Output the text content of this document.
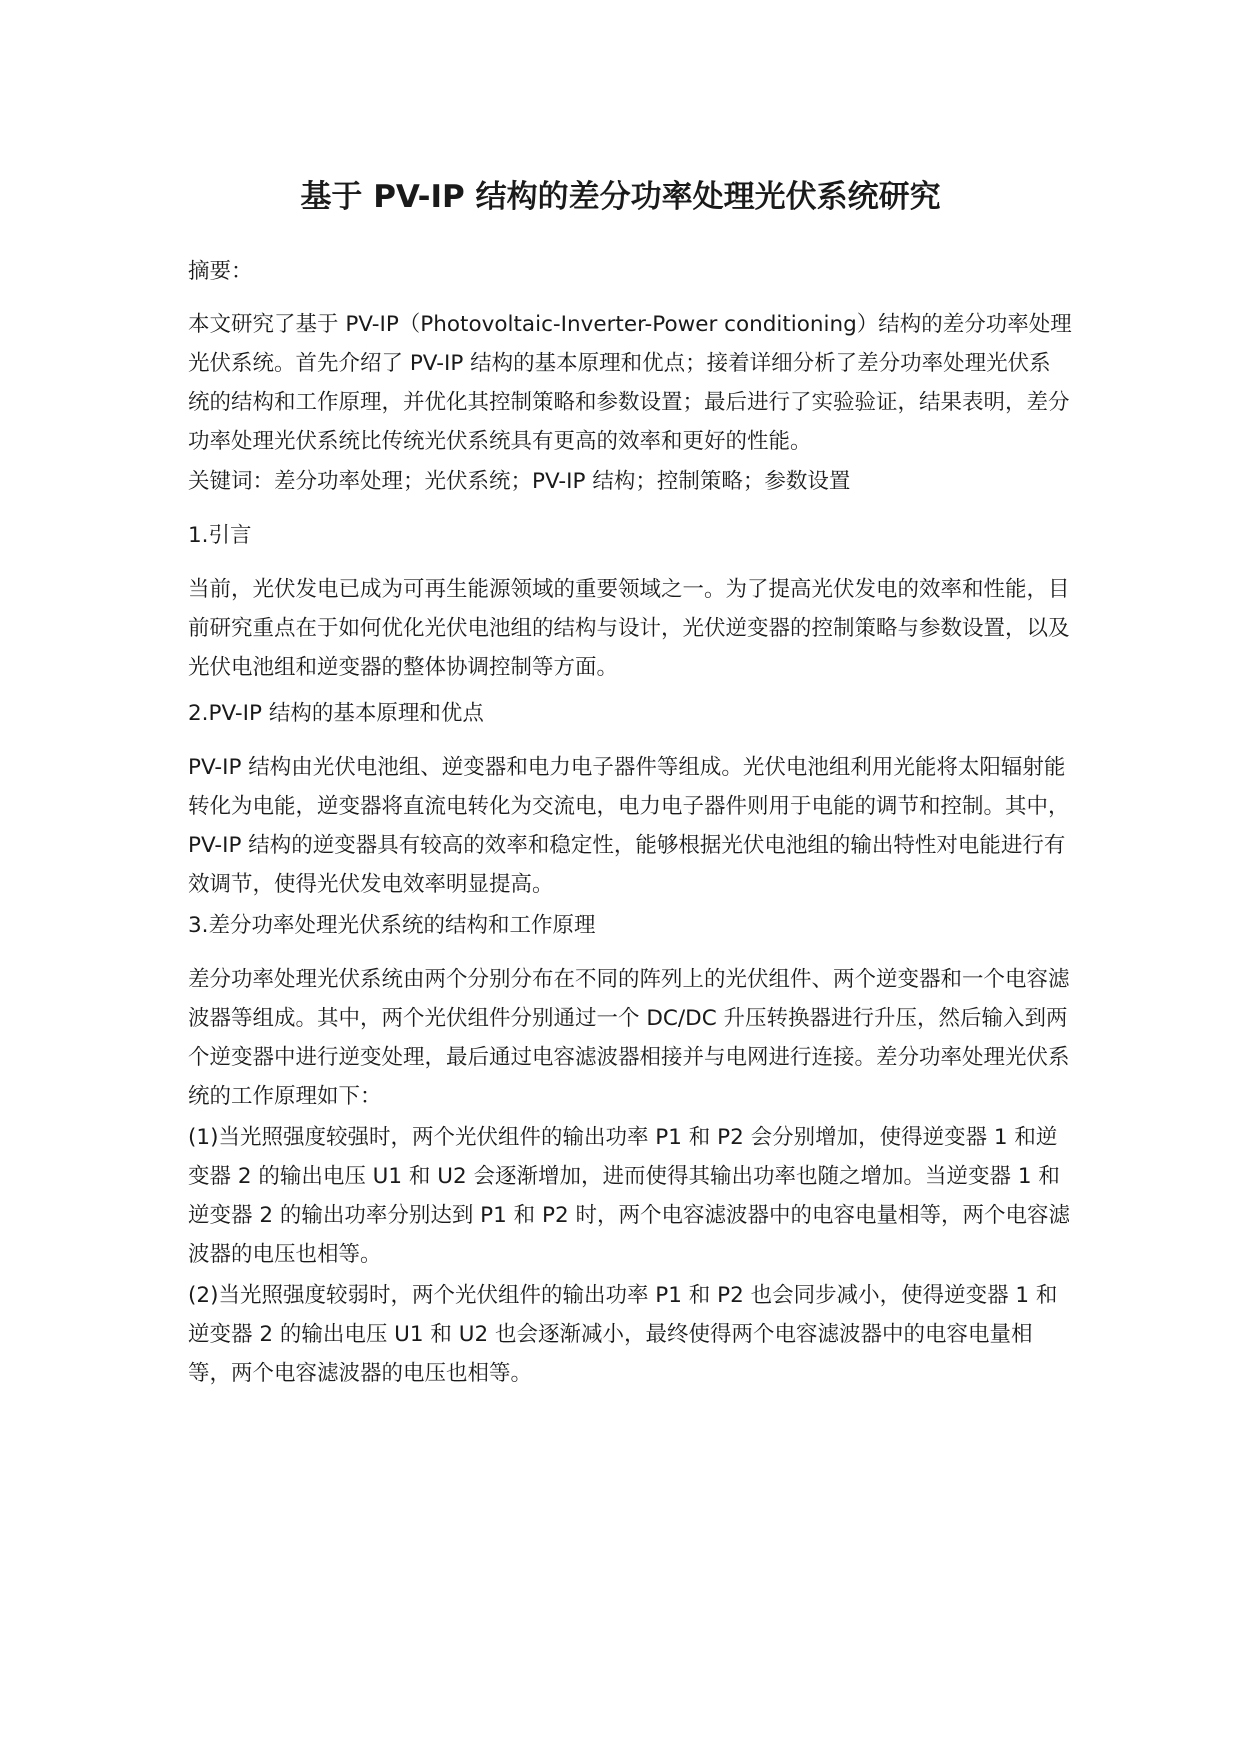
基于 PV-IP 结构的差分功率处理光伏系统研究

摘要：

本文研究了基于 PV-IP（Photovoltaic-Inverter-Power conditioning）结构的差分功率处理光伏系统。首先介绍了 PV-IP 结构的基本原理和优点；接着详细分析了差分功率处理光伏系统的结构和工作原理，并优化其控制策略和参数设置；最后进行了实验验证，结果表明，差分功率处理光伏系统比传统光伏系统具有更高的效率和更好的性能。

关键词：差分功率处理；光伏系统；PV-IP 结构；控制策略；参数设置

1.引言

当前，光伏发电已成为可再生能源领域的重要领域之一。为了提高光伏发电的效率和性能，目前研究重点在于如何优化光伏电池组的结构与设计，光伏逆变器的控制策略与参数设置，以及光伏电池组和逆变器的整体协调控制等方面。

2.PV-IP 结构的基本原理和优点

PV-IP 结构由光伏电池组、逆变器和电力电子器件等组成。光伏电池组利用光能将太阳辐射能转化为电能，逆变器将直流电转化为交流电，电力电子器件则用于电能的调节和控制。其中，PV-IP 结构的逆变器具有较高的效率和稳定性，能够根据光伏电池组的输出特性对电能进行有效调节，使得光伏发电效率明显提高。

3.差分功率处理光伏系统的结构和工作原理

差分功率处理光伏系统由两个分别分布在不同的阵列上的光伏组件、两个逆变器和一个电容滤波器等组成。其中，两个光伏组件分别通过一个 DC/DC 升压转换器进行升压，然后输入到两个逆变器中进行逆变处理，最后通过电容滤波器相接并与电网进行连接。差分功率处理光伏系统的工作原理如下：

(1)当光照强度较强时，两个光伏组件的输出功率 P1 和 P2 会分别增加，使得逆变器 1 和逆变器 2 的输出电压 U1 和 U2 会逐渐增加，进而使得其输出功率也随之增加。当逆变器 1 和逆变器 2 的输出功率分别达到 P1 和 P2 时，两个电容滤波器中的电容电量相等，两个电容滤波器的电压也相等。

(2)当光照强度较弱时，两个光伏组件的输出功率 P1 和 P2 也会同步减小，使得逆变器 1 和逆变器 2 的输出电压 U1 和 U2 也会逐渐减小，最终使得两个电容滤波器中的电容电量相等，两个电容滤波器的电压也相等。
